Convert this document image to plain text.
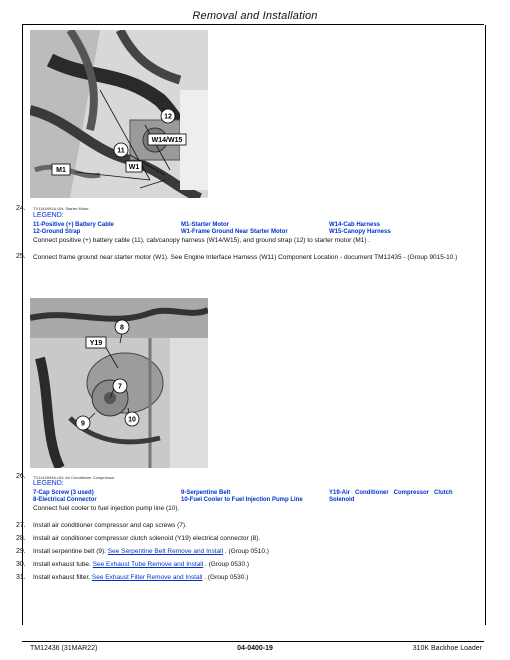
Removal and Installation
12
W14/W15
11
M1	W1
TX1144991A-UN: Starter Motor
24.
LEGEND:
11-Positive (+) Battery Cable	M1-Starter Motor	W14-Cab Harness
12-Ground Strap	W1-Frame Ground Near Starter Motor	W15-Canopy Harness
Connect positive (+) battery cable (11), cab/canopy harness (W14/W15), and ground strap (12) to starter motor (M1) .
25. Connect frame ground near starter motor (W1). See Engine Interface Harness (W11) Component Location - document TM12435 - (Group 9015-10.)
8
Y19
7
10
9
TX1144994A-UN: Air Conditioner Compressor
26.
LEGEND:
7-Cap Screw (3 used)	9-Serpentine Belt	Y19-Air   Conditioner   Compressor   Clutch
8-Electrical Connector	10-Fuel Cooler to Fuel Injection Pump Line	Solenoid
Connect fuel cooler to fuel injection pump line (10).
27. Install air conditioner compressor and cap screws (7).
28. Install air conditioner compressor clutch solenoid (Y19) electrical connector (8).
29. Install serpentine belt (9). See Serpentine Belt Remove and Install . (Group 0510.)
30. Install exhaust tube. See Exhaust Tube Remove and Install . (Group 0530.)
31. Install exhaust filter. See Exhaust Filter Remove and Install . (Group 0530.)
TM12436 (31MAR22)	04-0400-19	310K Backhoe Loader
